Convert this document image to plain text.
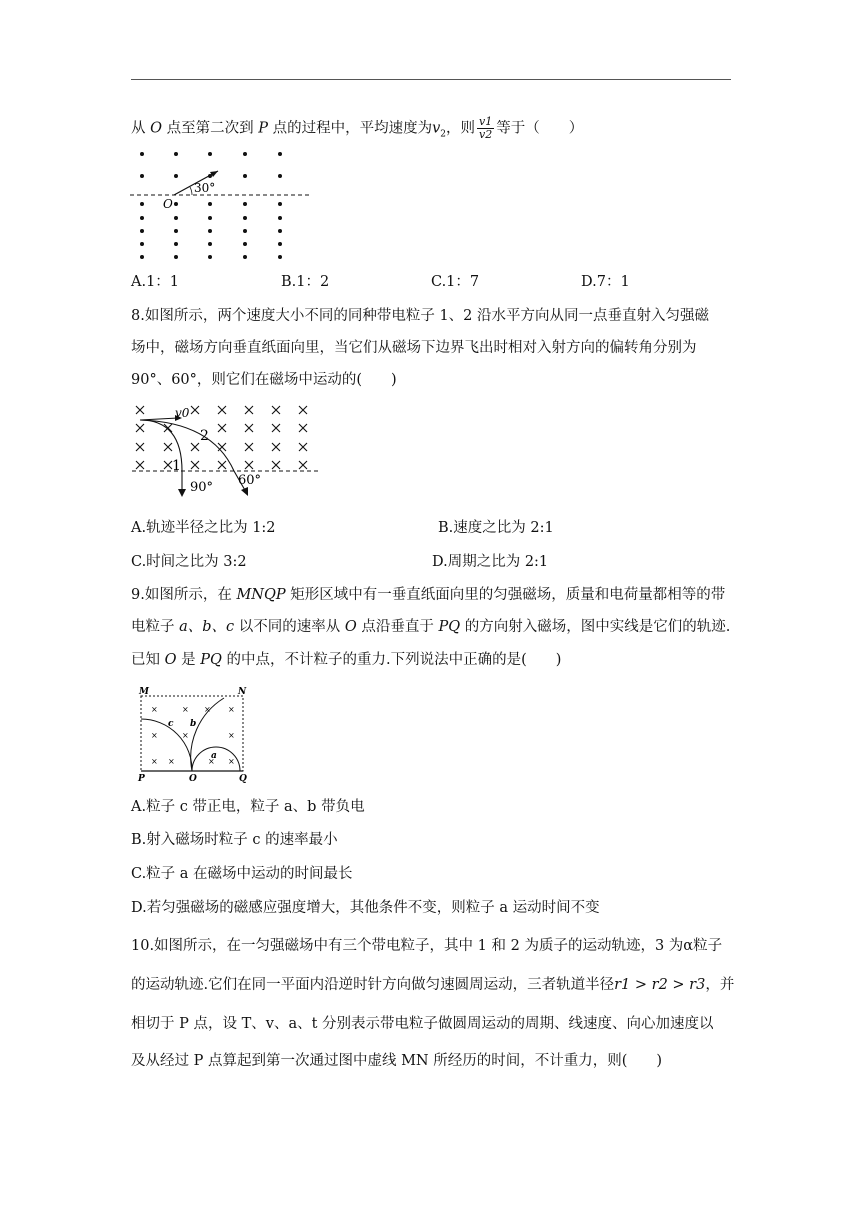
从 O 点至第二次到 P 点的过程中，平均速度为$v_2$，则 $\frac{v1}{v2}$ 等于（　　）
30°
O
A.1：1	B.1：2	C.1：7	D.7：1
8.如图所示，两个速度大小不同的同种带电粒子 1、2 沿水平方向从同一点垂直射入匀强磁
场中，磁场方向垂直纸面向里，当它们从磁场下边界飞出时相对入射方向的偏转角分别为
90°、60°，则它们在磁场中运动的(　　)
v0
1
2
90° 60°
A.轨迹半径之比为 1:2	B.速度之比为 2:1
C.时间之比为 3:2	D.周期之比为 2:1
9.如图所示，在 MNQP 矩形区域中有一垂直纸面向里的匀强磁场，质量和电荷量都相等的带
电粒子 a、b、c 以不同的速率从 O 点沿垂直于 PQ 的方向射入磁场，图中实线是它们的轨迹.
已知 O 是 PQ 的中点，不计粒子的重力.下列说法中正确的是(　　)
×	× × ×
×	×	×
× ×	× ×
M	N
P	Q
O
a
b
c
A.粒子 c 带正电，粒子 a、b 带负电
B.射入磁场时粒子 c 的速率最小
C.粒子 a 在磁场中运动的时间最长
D.若匀强磁场的磁感应强度增大，其他条件不变，则粒子 a 运动时间不变
10.如图所示，在一匀强磁场中有三个带电粒子，其中 1 和 2 为质子的运动轨迹，3 为α粒子
的运动轨迹.它们在同一平面内沿逆时针方向做匀速圆周运动，三者轨道半径r1 > r2 > r3，并
相切于 P 点，设 T、v、a、t 分别表示带电粒子做圆周运动的周期、线速度、向心加速度以
及从经过 P 点算起到第一次通过图中虚线 MN 所经历的时间，不计重力，则(　　)
